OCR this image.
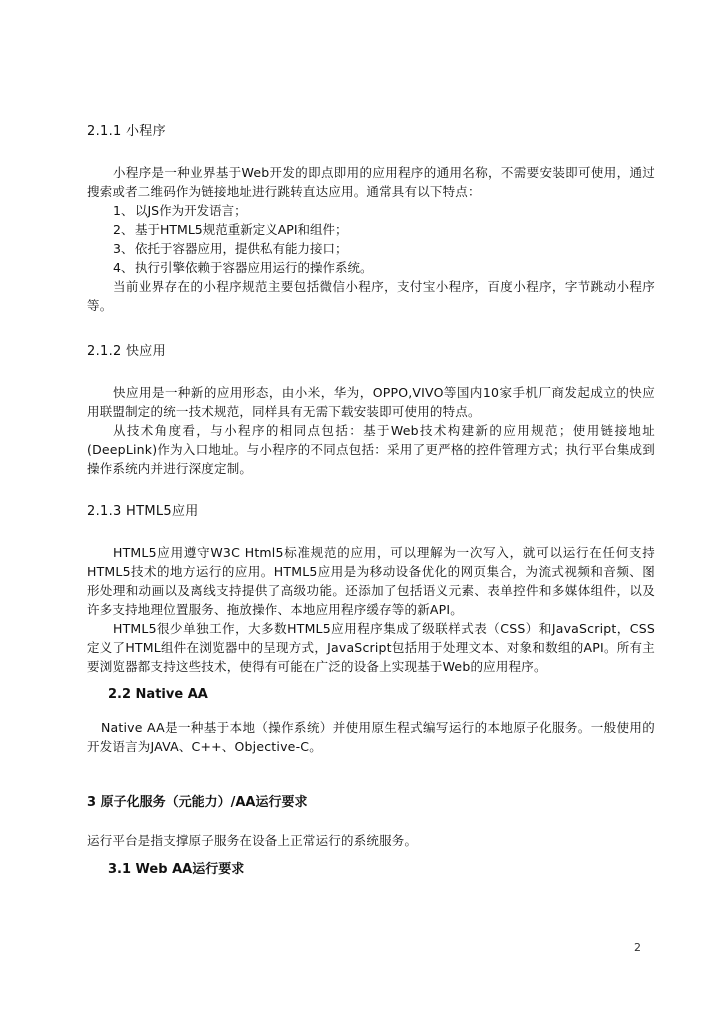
2.1.1 小程序

小程序是一种业界基于Web开发的即点即用的应用程序的通用名称，不需要安装即可使用，通过搜索或者二维码作为链接地址进行跳转直达应用。通常具有以下特点：

1、 以JS作为开发语言；
2、 基于HTML5规范重新定义API和组件；
3、 依托于容器应用，提供私有能力接口；
4、 执行引擎依赖于容器应用运行的操作系统。

当前业界存在的小程序规范主要包括微信小程序，支付宝小程序，百度小程序，字节跳动小程序等。

2.1.2 快应用

快应用是一种新的应用形态，由小米，华为，OPPO,VIVO等国内10家手机厂商发起成立的快应用联盟制定的统一技术规范，同样具有无需下载安装即可使用的特点。

从技术角度看，与小程序的相同点包括：基于Web技术构建新的应用规范；使用链接地址(DeepLink)作为入口地址。与小程序的不同点包括：采用了更严格的控件管理方式；执行平台集成到操作系统内并进行深度定制。

2.1.3 HTML5应用

HTML5应用遵守W3C Html5标准规范的应用，可以理解为一次写入，就可以运行在任何支持HTML5技术的地方运行的应用。HTML5应用是为移动设备优化的网页集合，为流式视频和音频、图形处理和动画以及离线支持提供了高级功能。还添加了包括语义元素、表单控件和多媒体组件，以及许多支持地理位置服务、拖放操作、本地应用程序缓存等的新API。

HTML5很少单独工作，大多数HTML5应用程序集成了级联样式表（CSS）和JavaScript，CSS定义了HTML组件在浏览器中的呈现方式，JavaScript包括用于处理文本、对象和数组的API。所有主要浏览器都支持这些技术，使得有可能在广泛的设备上实现基于Web的应用程序。

2.2 Native AA

Native AA是一种基于本地（操作系统）并使用原生程式编写运行的本地原子化服务。一般使用的开发语言为JAVA、C++、Objective-C。

3 原子化服务（元能力）/AA运行要求

运行平台是指支撑原子服务在设备上正常运行的系统服务。

3.1 Web AA运行要求
2
